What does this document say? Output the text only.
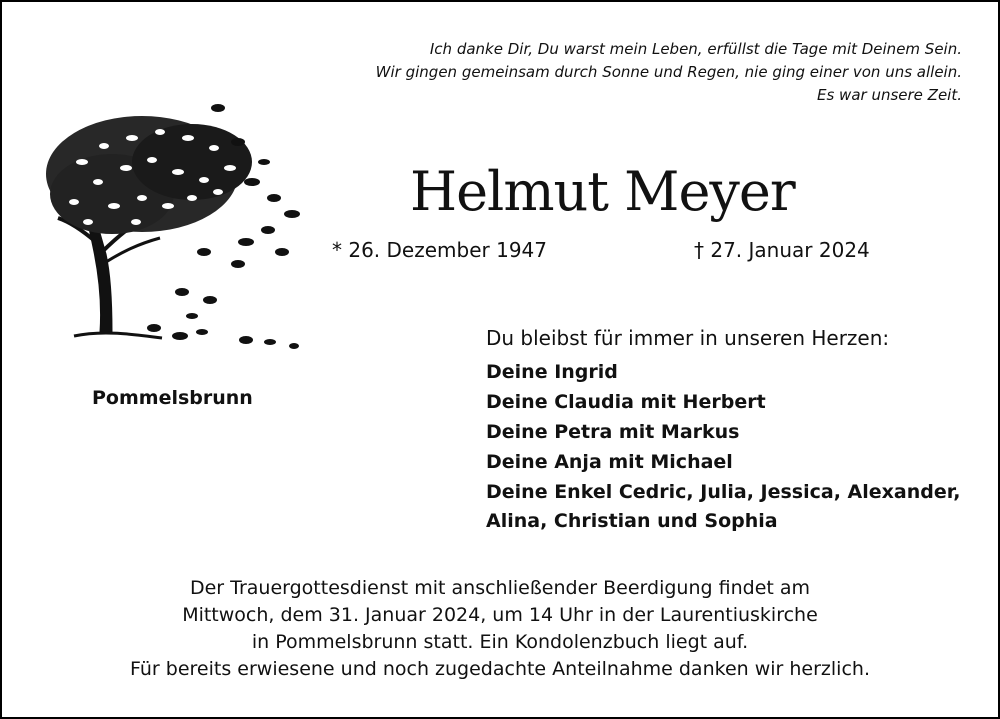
Ich danke Dir, Du warst mein Leben, erfüllst die Tage mit Deinem Sein.
Wir gingen gemeinsam durch Sonne und Regen, nie ging einer von uns allein.
Es war unsere Zeit.
Helmut Meyer
* 26. Dezember 1947	† 27. Januar 2024
Pommelsbrunn
Du bleibst für immer in unseren Herzen:
Deine Ingrid
Deine Claudia mit Herbert
Deine Petra mit Markus
Deine Anja mit Michael
Deine Enkel Cedric, Julia, Jessica, Alexander,
Alina, Christian und Sophia
Der Trauergottesdienst mit anschließender Beerdigung findet am
Mittwoch, dem 31. Januar 2024, um 14 Uhr in der Laurentiuskirche
in Pommelsbrunn statt. Ein Kondolenzbuch liegt auf.
Für bereits erwiesene und noch zugedachte Anteilnahme danken wir herzlich.
